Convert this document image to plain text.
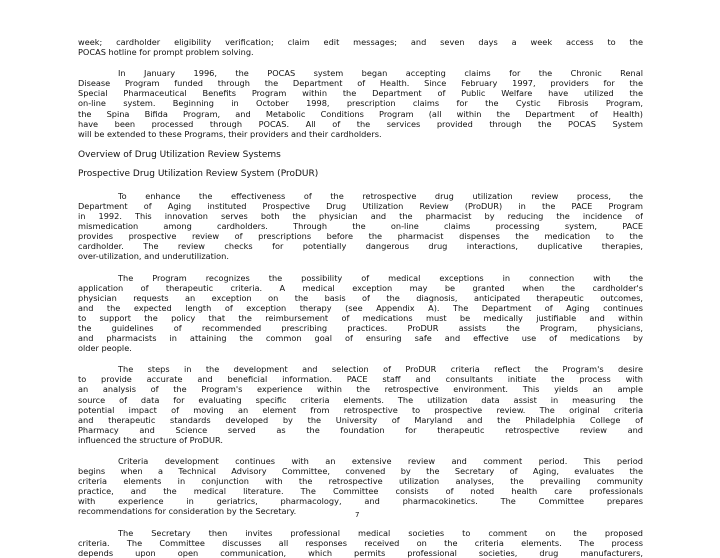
week; cardholder eligibility verification; claim edit messages; and seven days a week access to the
POCAS hotline for prompt problem solving.
In January 1996, the POCAS system began accepting claims for the Chronic Renal
Disease Program funded through the Department of Health. Since February 1997, providers for the
Special Pharmaceutical Benefits Program within the Department of Public Welfare have utilized the
on-line system. Beginning in October 1998, prescription claims for the Cystic Fibrosis Program,
the Spina Bifida Program, and Metabolic Conditions Program (all within the Department of Health)
have been processed through POCAS. All of the services provided through the POCAS System
will be extended to these Programs, their providers and their cardholders.

Overview of Drug Utilization Review Systems

Prospective Drug Utilization Review System (ProDUR)

To enhance the effectiveness of the retrospective drug utilization review process, the
Department of Aging instituted Prospective Drug Utilization Review (ProDUR) in the PACE Program
in 1992. This innovation serves both the physician and the pharmacist by reducing the incidence of
mismedication among cardholders. Through the on-line claims processing system, PACE
provides prospective review of prescriptions before the pharmacist dispenses the medication to the
cardholder. The review checks for potentially dangerous drug interactions, duplicative therapies,
over-utilization, and underutilization.
The Program recognizes the possibility of medical exceptions in connection with the
application of therapeutic criteria. A medical exception may be granted when the cardholder's
physician requests an exception on the basis of the diagnosis, anticipated therapeutic outcomes,
and the expected length of exception therapy (see Appendix A). The Department of Aging continues
to support the policy that the reimbursement of medications must be medically justifiable and within
the guidelines of recommended prescribing practices. ProDUR assists the Program, physicians,
and pharmacists in attaining the common goal of ensuring safe and effective use of medications by
older people.
The steps in the development and selection of ProDUR criteria reflect the Program's desire
to provide accurate and beneficial information. PACE staff and consultants initiate the process with
an analysis of the Program's experience within the retrospective environment. This yields an ample
source of data for evaluating specific criteria elements. The utilization data assist in measuring the
potential impact of moving an element from retrospective to prospective review. The original criteria
and therapeutic standards developed by the University of Maryland and the Philadelphia College of
Pharmacy and Science served as the foundation for therapeutic retrospective review and
influenced the structure of ProDUR.
Criteria development continues with an extensive review and comment period. This period
begins when a Technical Advisory Committee, convened by the Secretary of Aging, evaluates the
criteria elements in conjunction with the retrospective utilization analyses, the prevailing community
practice, and the medical literature. The Committee consists of noted health care professionals
with experience in geriatrics, pharmacology, and pharmacokinetics. The Committee prepares
recommendations for consideration by the Secretary.
The Secretary then invites professional medical societies to comment on the proposed
criteria. The Committee discusses all responses received on the criteria elements. The process
depends upon open communication, which permits professional societies, drug manufacturers,
7
